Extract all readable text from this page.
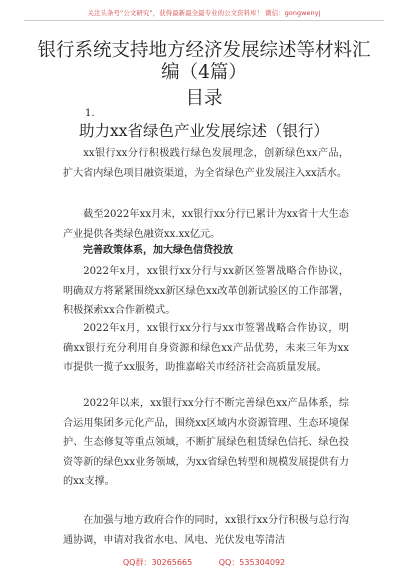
关注头条号“公文研究”，获得最新最全最专业的公文资料库！ 微信：gongwenyj
银行系统支持地方经济发展综述等材料汇
编（4篇）
目录
1.
助力xx省绿色产业发展综述（银行）

xx银行xx分行积极践行绿色发展理念，创新绿色xx产品，扩大省内绿色项目融资渠道，为全省绿色产业发展注入xx活水。

截至2022年xx月末，xx银行xx分行已累计为xx省十大生态产业提供各类绿色融资xx.xx亿元。

完善政策体系，加大绿色信贷投放

2022年x月，xx银行xx分行与xx新区签署战略合作协议，明确双方将紧紧围绕xx新区绿色xx改革创新试验区的工作部署，积极探索xx合作新模式。

2022年x月，xx银行xx分行与xx市签署战略合作协议，明确xx银行充分利用自身资源和绿色xx产品优势，未来三年为xx市提供一揽子xx服务，助推嘉峪关市经济社会高质量发展。

2022年以来，xx银行xx分行不断完善绿色xx产品体系，综合运用集团多元化产品，围绕xx区域内水资源管理、生态环境保护、生态修复等重点领域，不断扩展绿色租赁绿色信托、绿色投资等新的绿色xx业务领域，为xx省绿色转型和规模发展提供有力的xx支撑。

在加强与地方政府合作的同时，xx银行xx分行积极与总行沟通协调，申请对我省水电、风电、光伏发电等清洁

QQ群：30265665	QQ：535304092
